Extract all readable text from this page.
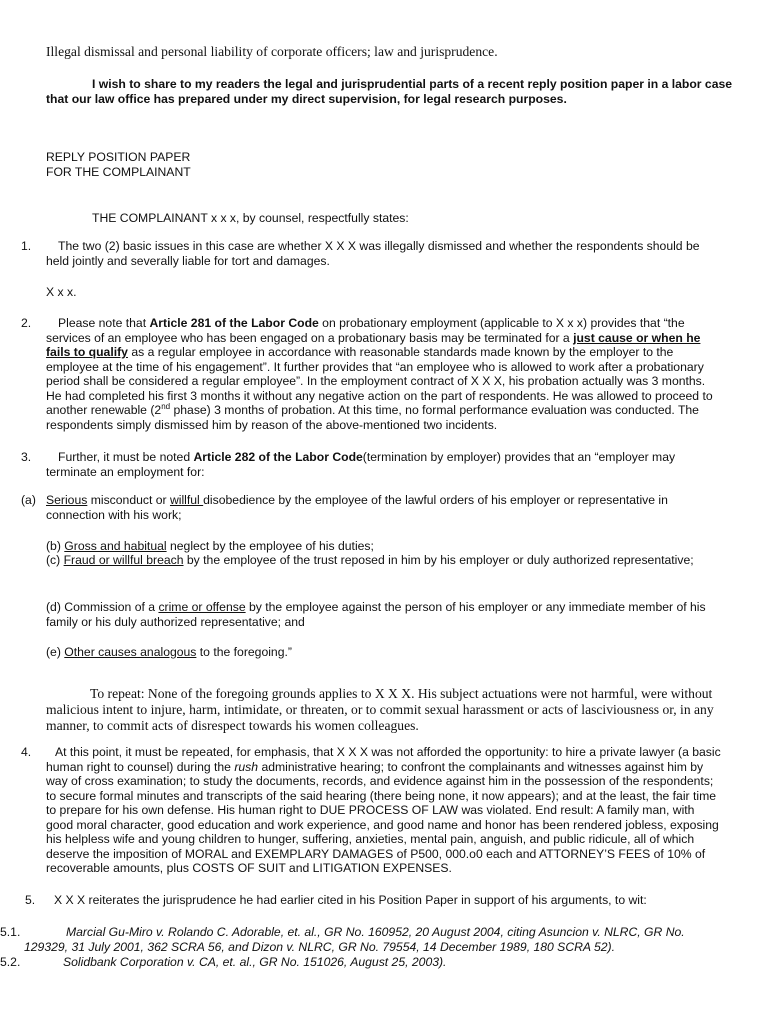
Illegal dismissal and personal liability of corporate officers; law and jurisprudence.
I wish to share to my readers the legal and jurisprudential parts of a recent reply position paper in a labor case that our law office has prepared under my direct supervision, for legal research purposes.
REPLY POSITION PAPER
FOR THE COMPLAINANT
THE COMPLAINANT x x x, by counsel, respectfully states:
1.	The two (2) basic issues in this case are whether X X X was illegally dismissed and whether the respondents should be held jointly and severally liable for tort and damages.
X x x.
2.	Please note that Article 281 of the Labor Code on probationary employment (applicable to X x x) provides that “the services of an employee who has been engaged on a probationary basis may be terminated for a just cause or when he fails to qualify as a regular employee in accordance with reasonable standards made known by the employer to the employee at the time of his engagement”. It further provides that “an employee who is allowed to work after a probationary period shall be considered a regular employee”. In the employment contract of X X X, his probation actually was 3 months. He had completed his first 3 months it without any negative action on the part of respondents. He was allowed to proceed to another renewable (2nd phase) 3 months of probation. At this time, no formal performance evaluation was conducted. The respondents simply dismissed him by reason of the above-mentioned two incidents.
3.	Further, it must be noted Article 282 of the Labor Code(termination by employer) provides that an “employer may terminate an employment for:
(a) Serious misconduct or willful disobedience by the employee of the lawful orders of his employer or representative in connection with his work;
(b) Gross and habitual neglect by the employee of his duties;
(c) Fraud or willful breach by the employee of the trust reposed in him by his employer or duly authorized representative;
(d) Commission of a crime or offense by the employee against the person of his employer or any immediate member of his family or his duly authorized representative; and
(e) Other causes analogous to the foregoing.”
To repeat: None of the foregoing grounds applies to X X X. His subject actuations were not harmful, were without malicious intent to injure, harm, intimidate, or threaten, or to commit sexual harassment or acts of lasciviousness or, in any manner, to commit acts of disrespect towards his women colleagues.
4.	At this point, it must be repeated, for emphasis, that X X X was not afforded the opportunity: to hire a private lawyer (a basic human right to counsel) during the rush administrative hearing; to confront the complainants and witnesses against him by way of cross examination; to study the documents, records, and evidence against him in the possession of the respondents; to secure formal minutes and transcripts of the said hearing (there being none, it now appears); and at the least, the fair time to prepare for his own defense. His human right to DUE PROCESS OF LAW was violated. End result: A family man, with good moral character, good education and work experience, and good name and honor has been rendered jobless, exposing his helpless wife and young children to hunger, suffering, anxieties, mental pain, anguish, and public ridicule, all of which deserve the imposition of MORAL and EXEMPLARY DAMAGES of P500, 000.o0 each and ATTORNEY’S FEES of 10% of recoverable amounts, plus COSTS OF SUIT and LITIGATION EXPENSES.
5. X X X reiterates the jurisprudence he had earlier cited in his Position Paper in support of his arguments, to wit:
5.1.	Marcial Gu-Miro v. Rolando C. Adorable, et. al., GR No. 160952, 20 August 2004, citing Asuncion v. NLRC, GR No. 129329, 31 July 2001, 362 SCRA 56, and Dizon v. NLRC, GR No. 79554, 14 December 1989, 180 SCRA 52).
5.2.	Solidbank Corporation v. CA, et. al., GR No. 151026, August 25, 2003).
